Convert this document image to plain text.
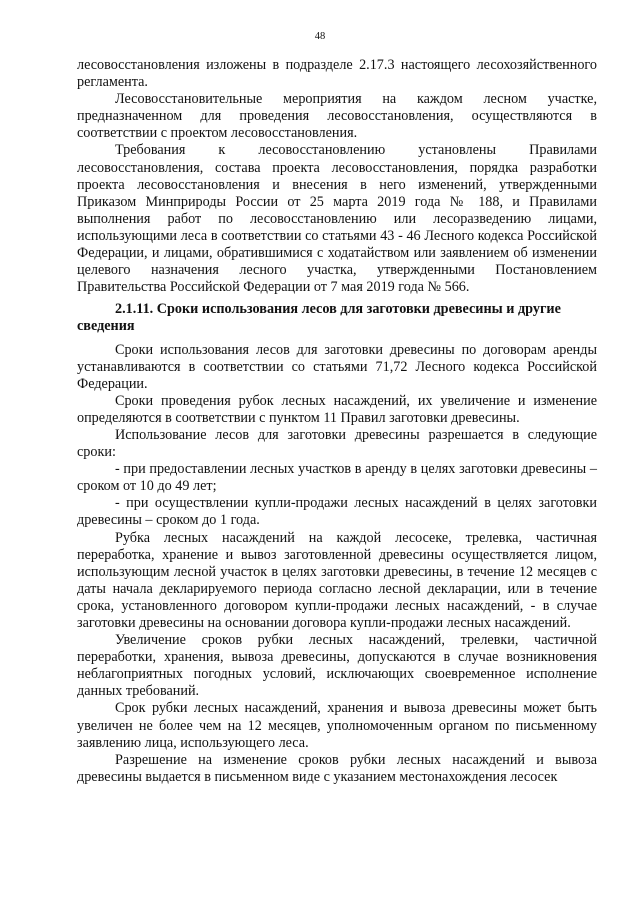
48

лесовосстановления изложены в подразделе 2.17.3 настоящего лесохозяйственного регламента.

Лесовосстановительные мероприятия на каждом лесном участке, предназначенном для проведения лесовосстановления, осуществляются в соответствии с проектом лесовосстановления.

Требования к лесовосстановлению установлены Правилами лесовосстановления, состава проекта лесовосстановления, порядка разработки проекта лесовосстановления и внесения в него изменений, утвержденными Приказом Минприроды России от 25 марта 2019 года № 188, и Правилами выполнения работ по лесовосстановлению или лесоразведению лицами, использующими леса в соответствии со статьями 43 - 46 Лесного кодекса Российской Федерации, и лицами, обратившимися с ходатайством или заявлением об изменении целевого назначения лесного участка, утвержденными Постановлением Правительства Российской Федерации от 7 мая 2019 года № 566.

2.1.11. Сроки использования лесов для заготовки древесины и другие сведения

Сроки использования лесов для заготовки древесины по договорам аренды устанавливаются в соответствии со статьями 71,72 Лесного кодекса Российской Федерации.

Сроки проведения рубок лесных насаждений, их увеличение и изменение определяются в соответствии с пунктом 11 Правил заготовки древесины.

Использование лесов для заготовки древесины разрешается в следующие сроки:

- при предоставлении лесных участков в аренду в целях заготовки древесины – сроком от 10 до 49 лет;

- при осуществлении купли-продажи лесных насаждений в целях заготовки древесины – сроком до 1 года.

Рубка лесных насаждений на каждой лесосеке, трелевка, частичная переработка, хранение и вывоз заготовленной древесины осуществляется лицом, использующим лесной участок в целях заготовки древесины, в течение 12 месяцев с даты начала декларируемого периода согласно лесной декларации, или в течение срока, установленного договором купли-продажи лесных насаждений, - в случае заготовки древесины на основании договора купли-продажи лесных насаждений.

Увеличение сроков рубки лесных насаждений, трелевки, частичной переработки, хранения, вывоза древесины, допускаются в случае возникновения неблагоприятных погодных условий, исключающих своевременное исполнение данных требований.

Срок рубки лесных насаждений, хранения и вывоза древесины может быть увеличен не более чем на 12 месяцев, уполномоченным органом по письменному заявлению лица, использующего леса.

Разрешение на изменение сроков рубки лесных насаждений и вывоза древесины выдается в письменном виде с указанием местонахождения лесосек
